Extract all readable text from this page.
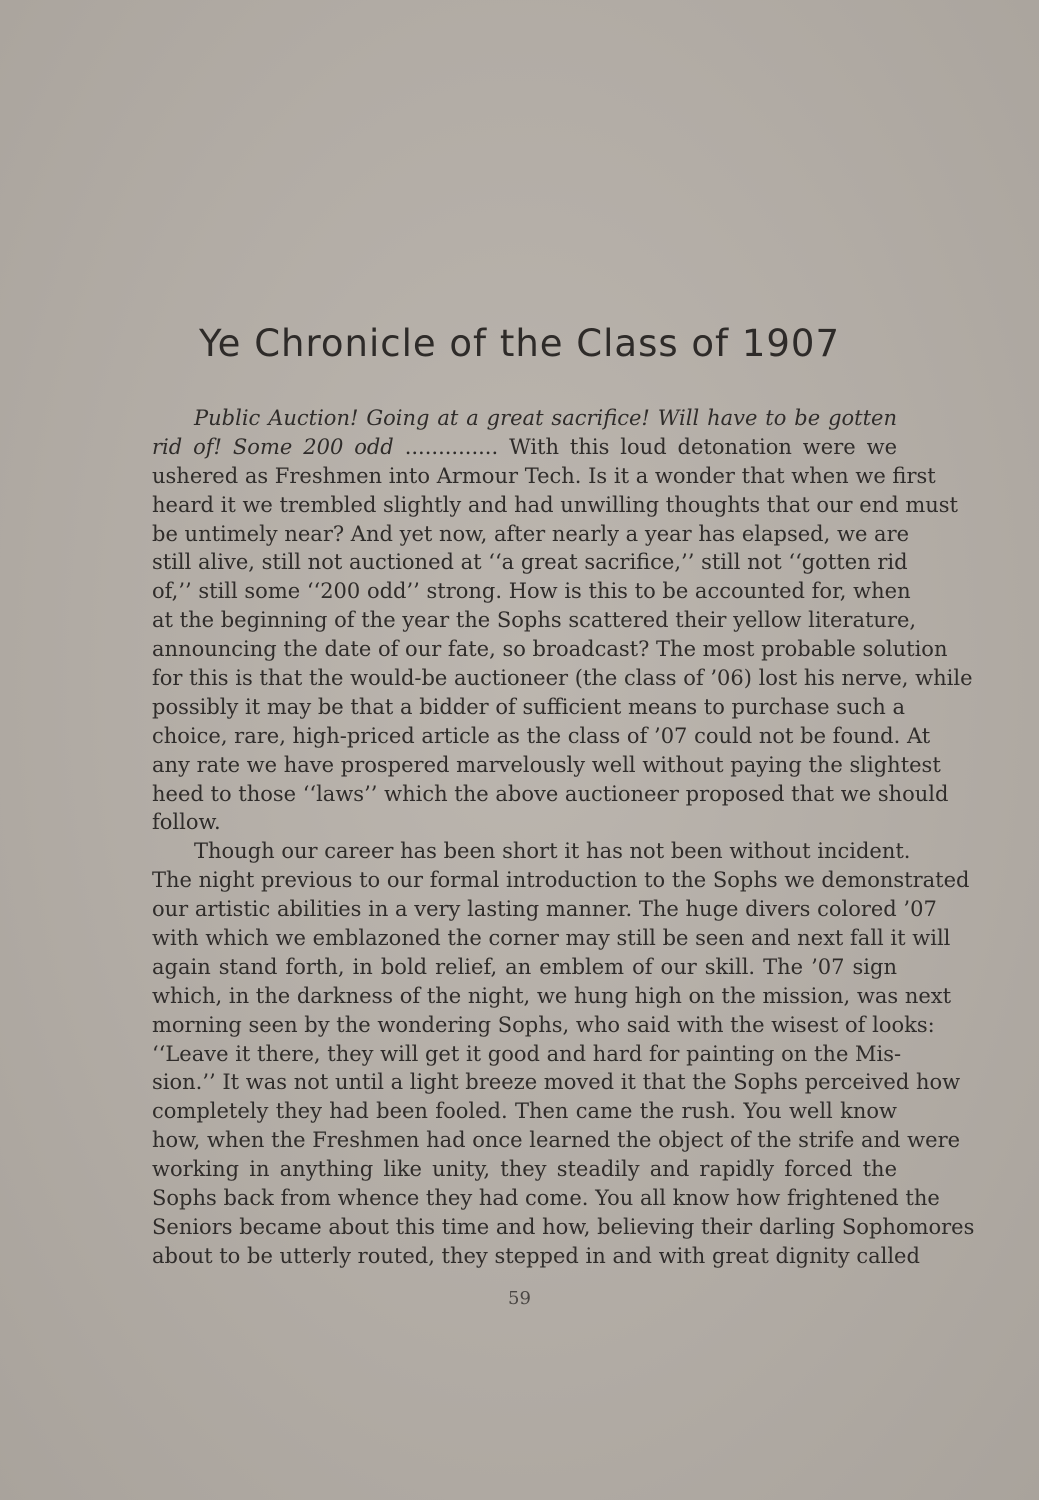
Ye Chronicle of the Class of 1907
Public Auction! Going at a great sacrifice! Will have to be gotten
rid of! Some 200 odd .............. With this loud detonation were we
ushered as Freshmen into Armour Tech. Is it a wonder that when we first
heard it we trembled slightly and had unwilling thoughts that our end must
be untimely near? And yet now, after nearly a year has elapsed, we are
still alive, still not auctioned at ‘‘a great sacrifice,’’ still not ‘‘gotten rid
of,’’ still some ‘‘200 odd’’ strong. How is this to be accounted for, when
at the beginning of the year the Sophs scattered their yellow literature,
announcing the date of our fate, so broadcast? The most probable solution
for this is that the would-be auctioneer (the class of ’06) lost his nerve, while
possibly it may be that a bidder of sufficient means to purchase such a
choice, rare, high-priced article as the class of ’07 could not be found. At
any rate we have prospered marvelously well without paying the slightest
heed to those ‘‘laws’’ which the above auctioneer proposed that we should
follow.
Though our career has been short it has not been without incident.
The night previous to our formal introduction to the Sophs we demonstrated
our artistic abilities in a very lasting manner. The huge divers colored ’07
with which we emblazoned the corner may still be seen and next fall it will
again stand forth, in bold relief, an emblem of our skill. The ’07 sign
which, in the darkness of the night, we hung high on the mission, was next
morning seen by the wondering Sophs, who said with the wisest of looks:
‘‘Leave it there, they will get it good and hard for painting on the Mis-
sion.’’ It was not until a light breeze moved it that the Sophs perceived how
completely they had been fooled. Then came the rush. You well know
how, when the Freshmen had once learned the object of the strife and were
working in anything like unity, they steadily and rapidly forced the
Sophs back from whence they had come. You all know how frightened the
Seniors became about this time and how, believing their darling Sophomores
about to be utterly routed, they stepped in and with great dignity called
59
